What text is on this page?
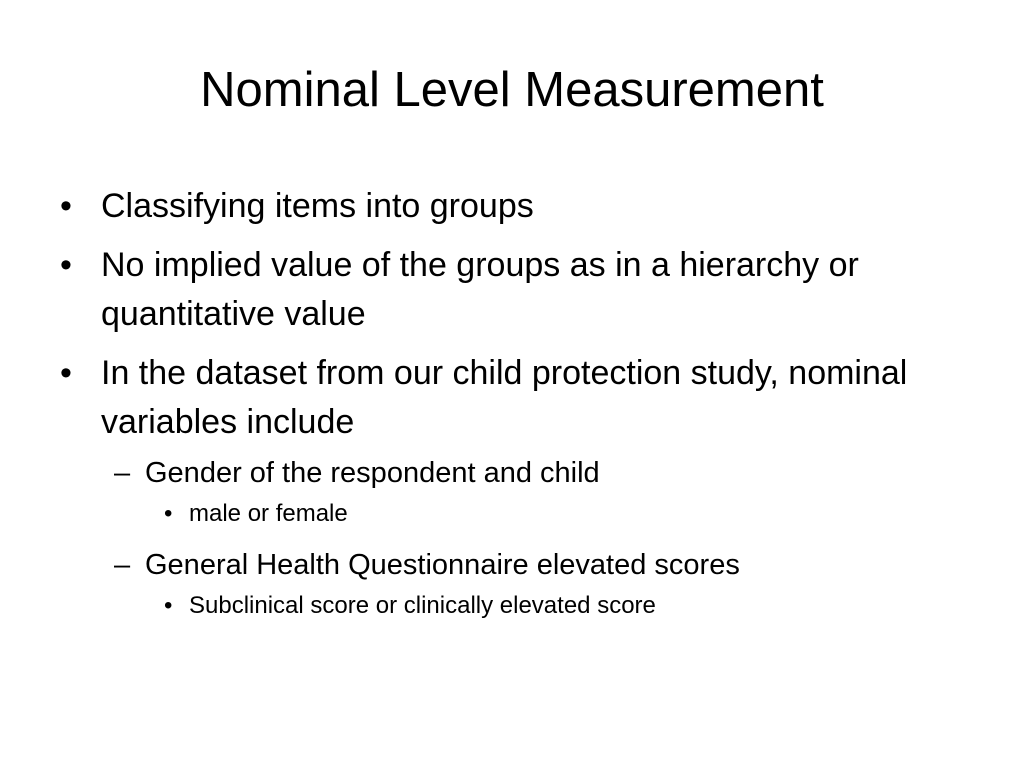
Nominal Level Measurement
• Classifying items into groups
• No implied value of the groups as in a hierarchy or quantitative value
• In the dataset from our child protection study, nominal variables include
– Gender of the respondent and child
• male or female
– General Health Questionnaire elevated scores
• Subclinical score or clinically elevated score
